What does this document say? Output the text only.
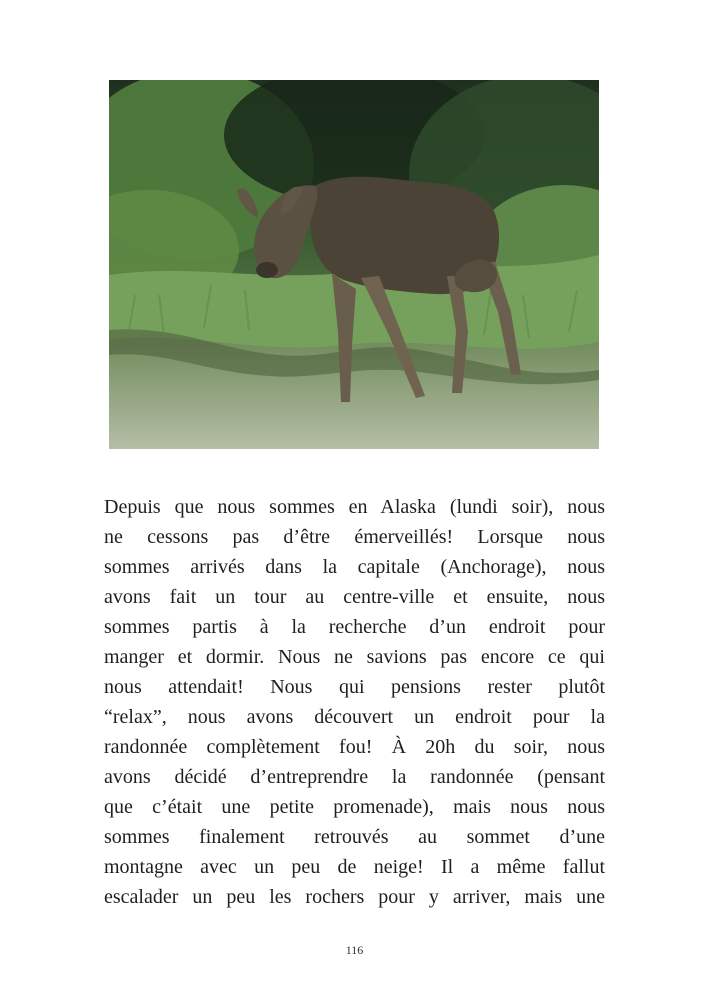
Depuis que nous sommes en Alaska (lundi soir), nous
ne cessons pas d’être émerveillés! Lorsque nous
sommes arrivés dans la capitale (Anchorage), nous
avons fait un tour au centre-ville et ensuite, nous
sommes partis à la recherche d’un endroit pour
manger et dormir. Nous ne savions pas encore ce qui
nous attendait! Nous qui pensions rester plutôt
“relax”, nous avons découvert un endroit pour la
randonnée complètement fou! À 20h du soir, nous
avons décidé d’entreprendre la randonnée (pensant
que c’était une petite promenade), mais nous nous
sommes finalement retrouvés au sommet d’une
montagne avec un peu de neige! Il a même fallut
escalader un peu les rochers pour y arriver, mais une
116
